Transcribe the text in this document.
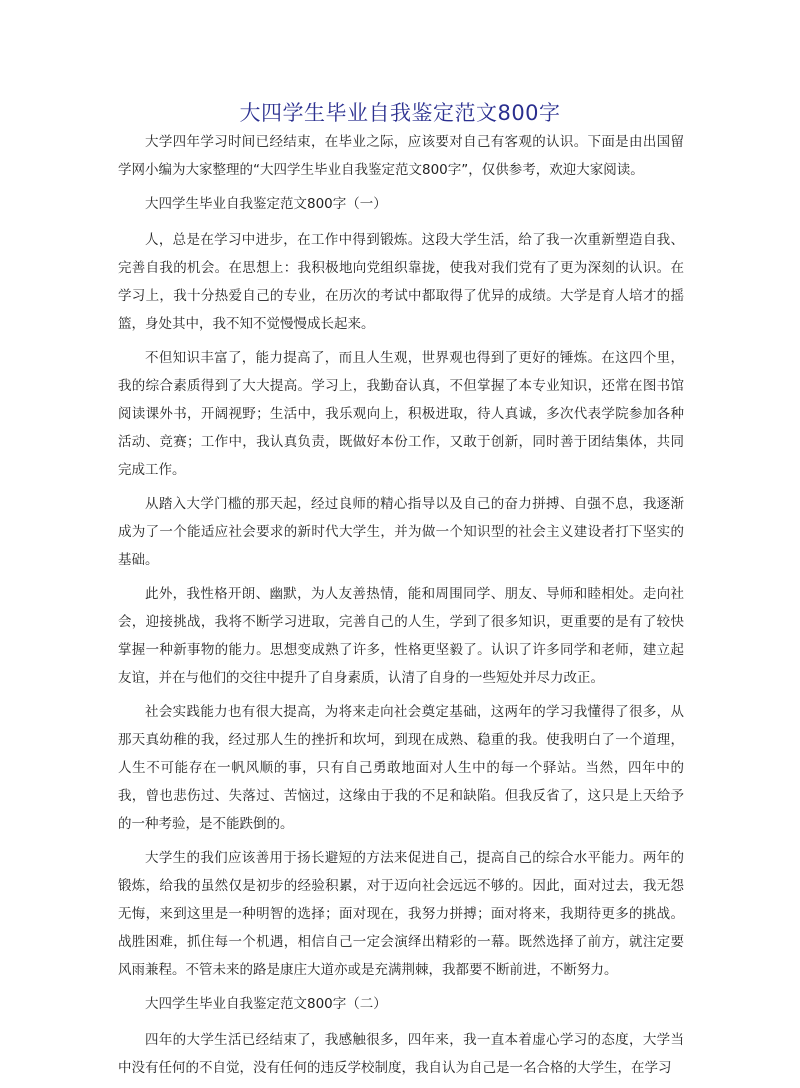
大四学生毕业自我鉴定范文800字

大学四年学习时间已经结束，在毕业之际，应该要对自己有客观的认识。下面是由出国留学网小编为大家整理的“大四学生毕业自我鉴定范文800字”，仅供参考，欢迎大家阅读。

大四学生毕业自我鉴定范文800字（一）

人，总是在学习中进步，在工作中得到锻炼。这段大学生活，给了我一次重新塑造自我、完善自我的机会。在思想上：我积极地向党组织靠拢，使我对我们党有了更为深刻的认识。在学习上，我十分热爱自己的专业，在历次的考试中都取得了优异的成绩。大学是育人培才的摇篮，身处其中，我不知不觉慢慢成长起来。

不但知识丰富了，能力提高了，而且人生观，世界观也得到了更好的锤炼。在这四个里，我的综合素质得到了大大提高。学习上，我勤奋认真，不但掌握了本专业知识，还常在图书馆阅读课外书，开阔视野；生活中，我乐观向上，积极进取，待人真诚，多次代表学院参加各种活动、竞赛；工作中，我认真负责，既做好本份工作，又敢于创新，同时善于团结集体，共同完成工作。

从踏入大学门槛的那天起，经过良师的精心指导以及自己的奋力拼搏、自强不息，我逐渐成为了一个能适应社会要求的新时代大学生，并为做一个知识型的社会主义建设者打下坚实的基础。

此外，我性格开朗、幽默，为人友善热情，能和周围同学、朋友、导师和睦相处。走向社会，迎接挑战，我将不断学习进取，完善自己的人生，学到了很多知识，更重要的是有了较快掌握一种新事物的能力。思想变成熟了许多，性格更坚毅了。认识了许多同学和老师，建立起友谊，并在与他们的交往中提升了自身素质，认清了自身的一些短处并尽力改正。

社会实践能力也有很大提高，为将来走向社会奠定基础，这两年的学习我懂得了很多，从那天真幼稚的我，经过那人生的挫折和坎坷，到现在成熟、稳重的我。使我明白了一个道理，人生不可能存在一帆风顺的事，只有自己勇敢地面对人生中的每一个驿站。当然，四年中的我，曾也悲伤过、失落过、苦恼过，这缘由于我的不足和缺陷。但我反省了，这只是上天给予的一种考验，是不能跌倒的。

大学生的我们应该善用于扬长避短的方法来促进自己，提高自己的综合水平能力。两年的锻炼，给我的虽然仅是初步的经验积累，对于迈向社会远远不够的。因此，面对过去，我无怨无悔，来到这里是一种明智的选择；面对现在，我努力拼搏；面对将来，我期待更多的挑战。战胜困难，抓住每一个机遇，相信自己一定会演绎出精彩的一幕。既然选择了前方，就注定要风雨兼程。不管未来的路是康庄大道亦或是充满荆棘，我都要不断前进，不断努力。

大四学生毕业自我鉴定范文800字（二）

四年的大学生活已经结束了，我感触很多，四年来，我一直本着虚心学习的态度，大学当中没有任何的不自觉，没有任何的违反学校制度，我自认为自己是一名合格的大学生，在学习
